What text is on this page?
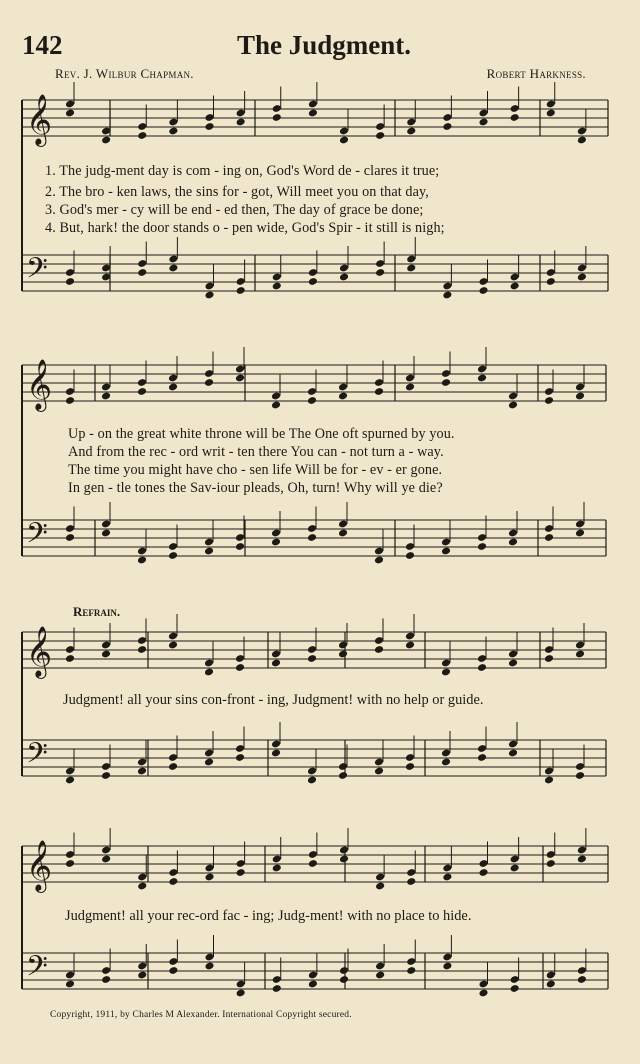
142	The Judgment.
Rev. J. Wilbur Chapman.	Robert Harkness.
𝄞
𝄢
𝄞
𝄢
𝄞
𝄢
𝄞
𝄢
1. The judg-ment day is com - ing on, God's Word de - clares it true;
2. The bro - ken laws, the sins for - got, Will meet you on that day,
3. God's mer - cy will be end - ed then, The day of grace be done;
4. But, hark! the door stands o - pen wide, God's Spir - it still is nigh;
Up - on the great white throne will be The One oft spurned by you.
And from the rec - ord writ - ten there You can - not turn a - way.
The time you might have cho - sen life Will be for - ev - er gone.
In gen - tle tones the Sav-iour pleads, Oh, turn! Why will ye die?
Refrain.
Judgment! all your sins con-front - ing, Judgment! with no help or guide.
Judgment! all your rec-ord fac - ing; Judg-ment! with no place to hide.
Copyright, 1911, by Charles M Alexander. International Copyright secured.
